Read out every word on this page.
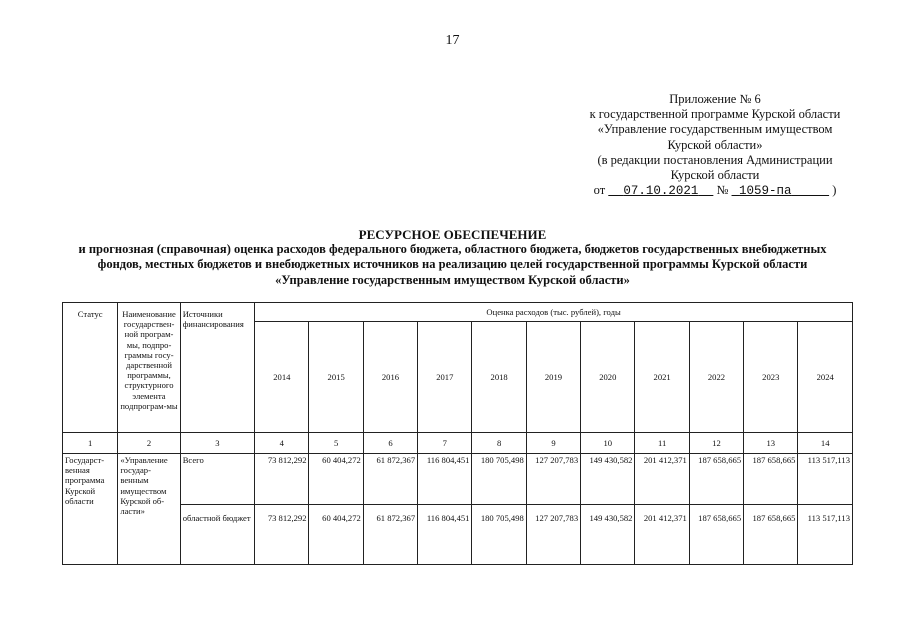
17
Приложение № 6
к государственной программе Курской области
«Управление государственным имуществом
Курской области»
(в редакции постановления Администрации
Курской области
от 07.10.2021 № 1059-па	)
РЕСУРСНОЕ ОБЕСПЕЧЕНИЕ
и прогнозная (справочная) оценка расходов федерального бюджета, областного бюджета, бюджетов государственных внебюджетных
фондов, местных бюджетов и внебюджетных источников на реализацию целей государственной программы Курской области
«Управление государственным имуществом Курской области»
Статус	Наименование государствен-ной програм-мы, подпро-граммы госу-дарственной программы, структурного элемента подпрограм-мы	Источники финансирования	Оценка расходов (тыс. рублей), годы										
			2014	2015	2016	2017	2018	2019	2020	2021	2022	2023	2024
1	2	3	4	5	6	7	8	9	10	11	12	13	14
Государст-венная программа Курской области	«Управление государ-венным имуществом Курской об-ласти»	Всего	73 812,292	60 404,272	61 872,367	116 804,451	180 705,498	127 207,783	149 430,582	201 412,371	187 658,665	187 658,665	113 517,113
		областной бюджет	73 812,292	60 404,272	61 872,367	116 804,451	180 705,498	127 207,783	149 430,582	201 412,371	187 658,665	187 658,665	113 517,113
